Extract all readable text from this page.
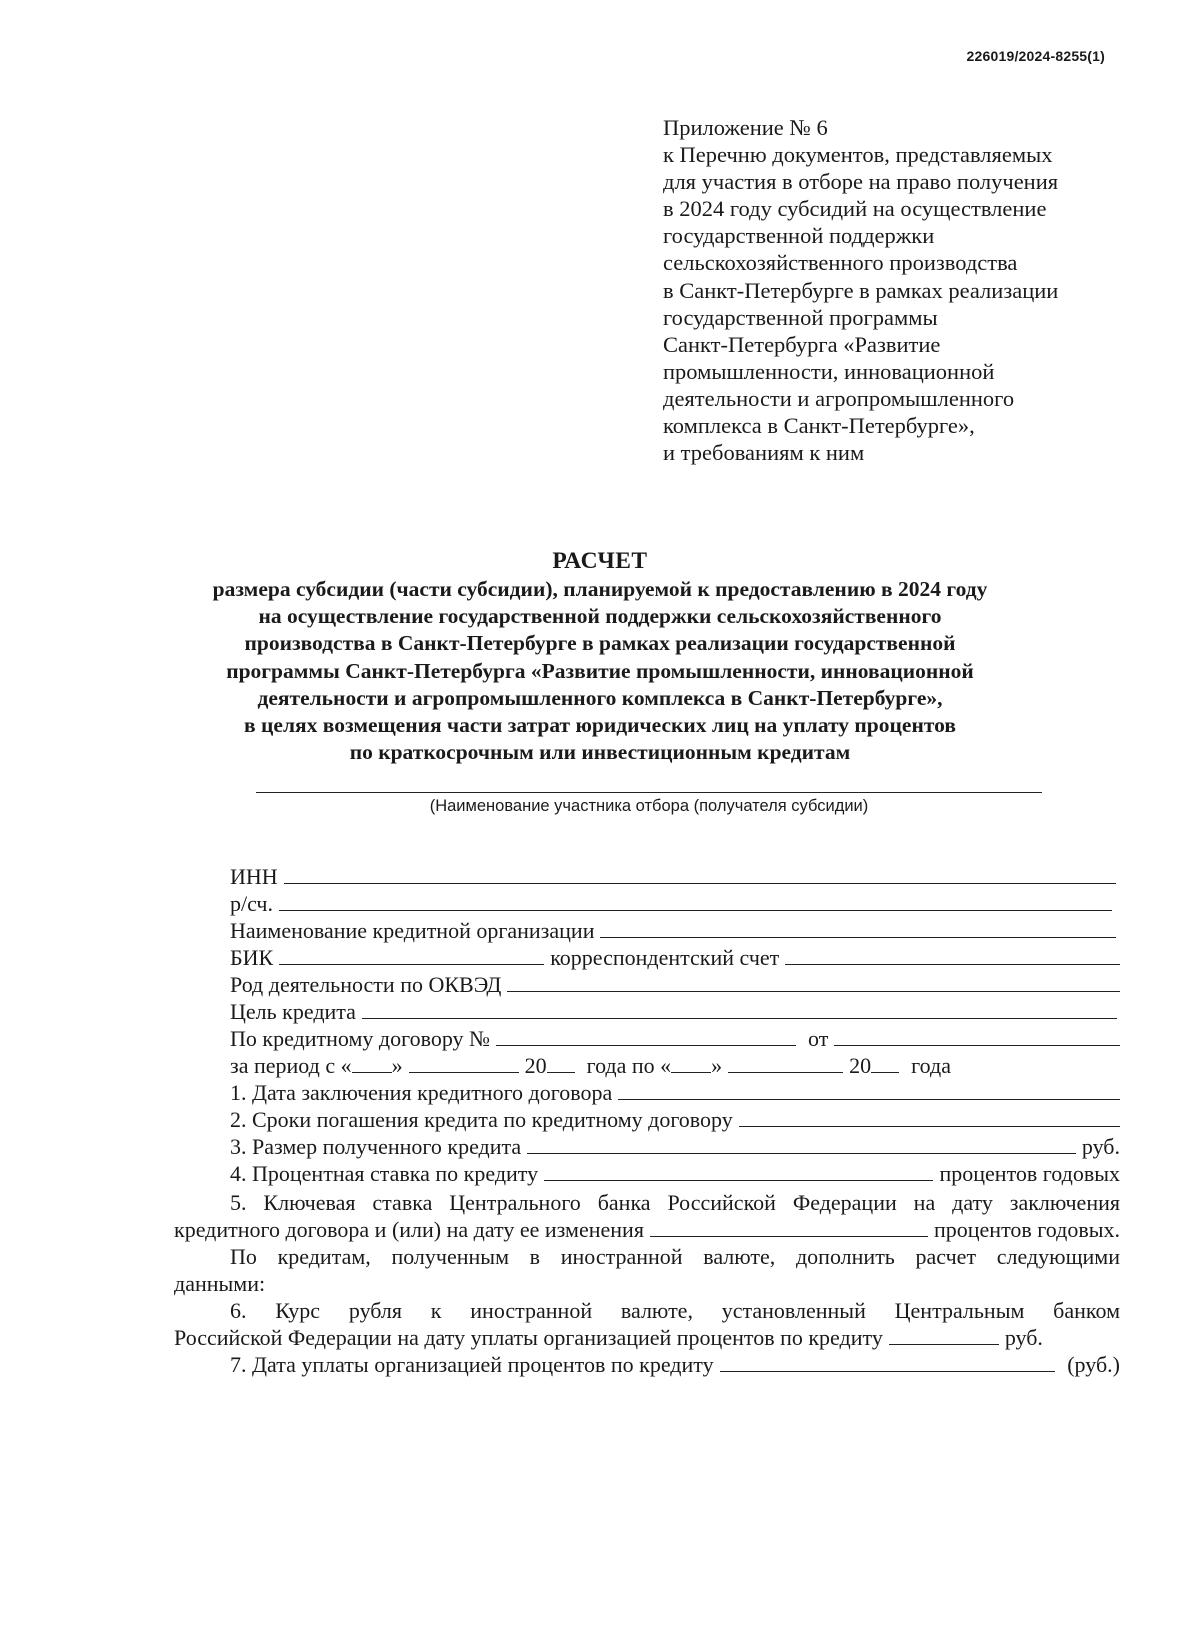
226019/2024-8255(1)
Приложение № 6
к Перечню документов, представляемых
для участия в отборе на право получения
в 2024 году субсидий на осуществление
государственной поддержки
сельскохозяйственного производства
в Санкт-Петербурге в рамках реализации
государственной программы
Санкт-Петербурга «Развитие
промышленности, инновационной
деятельности и агропромышленного
комплекса в Санкт-Петербурге»,
и требованиям к ним
РАСЧЕТ
размера субсидии (части субсидии), планируемой к предоставлению в 2024 году
на осуществление государственной поддержки сельскохозяйственного
производства в Санкт-Петербурге в рамках реализации государственной
программы Санкт-Петербурга «Развитие промышленности, инновационной
деятельности и агропромышленного комплекса в Санкт-Петербурге»,
в целях возмещения части затрат юридических лиц на уплату процентов
по краткосрочным или инвестиционным кредитам
(Наименование участника отбора (получателя субсидии)
ИНН
р/сч.
Наименование кредитной организации
БИК	корреспондентский счет
Род деятельности по ОКВЭД
Цель кредита
По кредитному договору №	от
за период с « »	20 года по « »	20 года
1. Дата заключения кредитного договора
2. Сроки погашения кредита по кредитному договору
3. Размер полученного кредита	руб.
4. Процентная ставка по кредиту	процентов годовых
5. Ключевая ставка Центрального банка Российской Федерации на дату заключения
кредитного договора и (или) на дату ее изменения	процентов годовых.
По кредитам, полученным в иностранной валюте, дополнить расчет следующими
данными:
6. Курс рубля к иностранной валюте, установленный Центральным банком
Российской Федерации на дату уплаты организацией процентов по кредиту	руб.
7. Дата уплаты организацией процентов по кредиту	(руб.)
